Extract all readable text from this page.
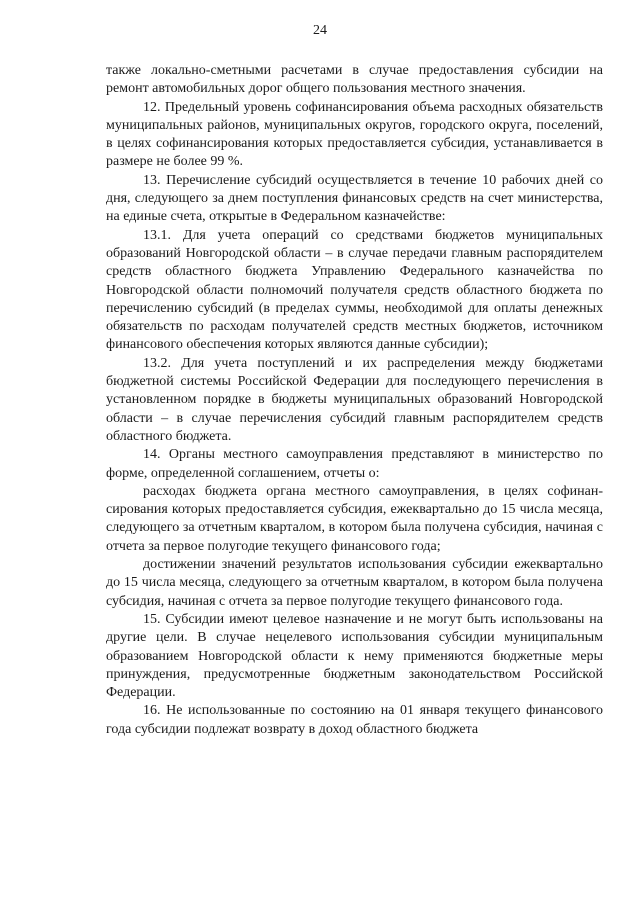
24

также локально-сметными расчетами в случае предоставления субсидии на ремонт автомобильных дорог общего пользования местного значения.

12. Предельный уровень софинансирования объема расходных обязательств муниципальных районов, муниципальных округов, городского округа, поселений, в целях софинансирования которых предоставляется субсидия, устанавливается в размере не более 99 %.

13. Перечисление субсидий осуществляется в течение 10 рабочих дней со дня, следующего за днем поступления финансовых средств на счет министерства, на единые счета, открытые в Федеральном казначействе:

13.1. Для учета операций со средствами бюджетов муниципальных образований Новгородской области – в случае передачи главным распорядителем средств областного бюджета Управлению Федерального казначейства по Новгородской области полномочий получателя средств областного бюджета по перечислению субсидий (в пределах суммы, необходимой для оплаты денежных обязательств по расходам получателей средств местных бюджетов, источником финансового обеспечения которых являются данные субсидии);

13.2. Для учета поступлений и их распределения между бюджетами бюджетной системы Российской Федерации для последующего перечисления в установленном порядке в бюджеты муниципальных образований Новгородской области – в случае перечисления субсидий главным распорядителем средств областного бюджета.

14. Органы местного самоуправления представляют в министерство по форме, определенной соглашением, отчеты о:

расходах бюджета органа местного самоуправления, в целях софинансирования которых предоставляется субсидия, ежеквартально до 15 числа месяца, следующего за отчетным кварталом, в котором была получена субсидия, начиная с отчета за первое полугодие текущего финансового года;

достижении значений результатов использования субсидии ежеквартально до 15 числа месяца, следующего за отчетным кварталом, в котором была получена субсидия, начиная с отчета за первое полугодие текущего финансового года.

15. Субсидии имеют целевое назначение и не могут быть использованы на другие цели. В случае нецелевого использования субсидии муниципальным образованием Новгородской области к нему применяются бюджетные меры принуждения, предусмотренные бюджетным законодательством Российской Федерации.

16. Не использованные по состоянию на 01 января текущего финансового года субсидии подлежат возврату в доход областного бюджета
